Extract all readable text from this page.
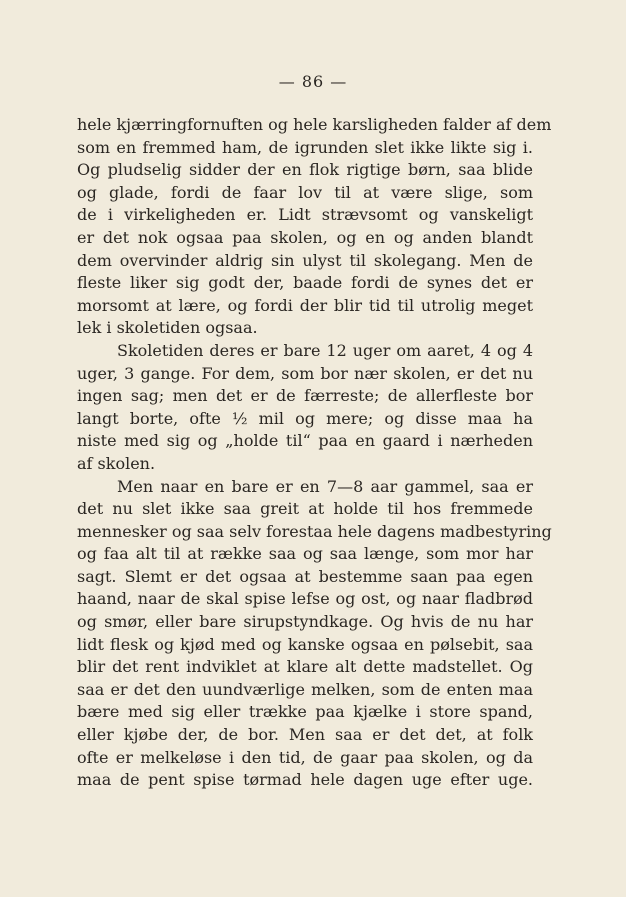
— 86 —
hele kjærringfornuften og hele karsligheden falder af dem
som en fremmed ham, de igrunden slet ikke likte sig i.
Og pludselig sidder der en flok rigtige børn, saa blide
og glade, fordi de faar lov til at være slige, som
de i virkeligheden er. Lidt strævsomt og vanskeligt
er det nok ogsaa paa skolen, og en og anden blandt
dem overvinder aldrig sin ulyst til skolegang. Men de
fleste liker sig godt der, baade fordi de synes det er
morsomt at lære, og fordi der blir tid til utrolig meget
lek i skoletiden ogsaa.
Skoletiden deres er bare 12 uger om aaret, 4 og 4
uger, 3 gange. For dem, som bor nær skolen, er det nu
ingen sag; men det er de færreste; de allerfleste bor
langt borte, ofte ½ mil og mere; og disse maa ha
niste med sig og „holde til“ paa en gaard i nærheden
af skolen.
Men naar en bare er en 7—8 aar gammel, saa er
det nu slet ikke saa greit at holde til hos fremmede
mennesker og saa selv forestaa hele dagens madbestyring
og faa alt til at række saa og saa længe, som mor har
sagt. Slemt er det ogsaa at bestemme saan paa egen
haand, naar de skal spise lefse og ost, og naar fladbrød
og smør, eller bare sirupstyndkage. Og hvis de nu har
lidt flesk og kjød med og kanske ogsaa en pølsebit, saa
blir det rent indviklet at klare alt dette madstellet. Og
saa er det den uundværlige melken, som de enten maa
bære med sig eller trække paa kjælke i store spand,
eller kjøbe der, de bor. Men saa er det det, at folk
ofte er melkeløse i den tid, de gaar paa skolen, og da
maa de pent spise tørmad hele dagen uge efter uge.
